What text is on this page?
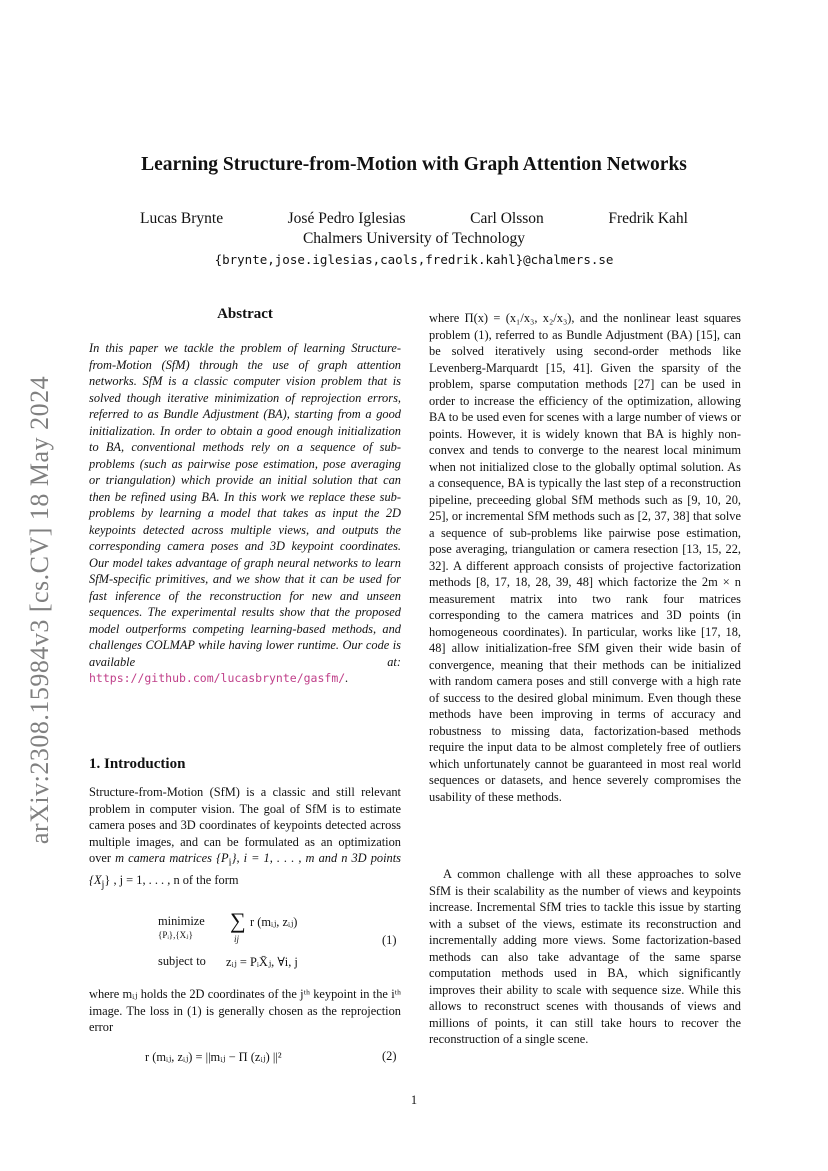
arXiv:2308.15984v3 [cs.CV] 18 May 2024
Learning Structure-from-Motion with Graph Attention Networks
Lucas Brynte	José Pedro Iglesias	Carl Olsson	Fredrik Kahl
Chalmers University of Technology
{brynte,jose.iglesias,caols,fredrik.kahl}@chalmers.se
Abstract

In this paper we tackle the problem of learning Structure-from-Motion (SfM) through the use of graph attention networks. SfM is a classic computer vision problem that is solved though iterative minimization of reprojection errors, referred to as Bundle Adjustment (BA), starting from a good initialization. In order to obtain a good enough initialization to BA, conventional methods rely on a sequence of sub-problems (such as pairwise pose estimation, pose averaging or triangulation) which provide an initial solution that can then be refined using BA. In this work we replace these sub-problems by learning a model that takes as input the 2D keypoints detected across multiple views, and outputs the corresponding camera poses and 3D keypoint coordinates. Our model takes advantage of graph neural networks to learn SfM-specific primitives, and we show that it can be used for fast inference of the reconstruction for new and unseen sequences. The experimental results show that the proposed model outperforms competing learning-based methods, and challenges COLMAP while having lower runtime. Our code is available at: https://github.com/lucasbrynte/gasfm/.

1. Introduction

Structure-from-Motion (SfM) is a classic and still relevant problem in computer vision. The goal of SfM is to estimate camera poses and 3D coordinates of keypoints detected across multiple images, and can be formulated as an optimization over m camera matrices $\{P_i\}$, i = 1, . . . , m and n 3D points $\{X_j\}$ , j = 1, . . . , n of the form

minimize
{Pᵢ},{Xⱼ}
∑
ij
r (mᵢⱼ, zᵢⱼ)
subject to zᵢⱼ = PᵢX̄ⱼ, ∀i, j
(1)

where mᵢⱼ holds the 2D coordinates of the jᵗʰ keypoint in the iᵗʰ image. The loss in (1) is generally chosen as the reprojection error

r (mᵢⱼ, zᵢⱼ) = ||mᵢⱼ − Π (zᵢⱼ) ||²	(2)

where Π(x) = (x₁/x₃, x₂/x₃), and the nonlinear least squares problem (1), referred to as Bundle Adjustment (BA) [15], can be solved iteratively using second-order methods like Levenberg-Marquardt [15, 41]. Given the sparsity of the problem, sparse computation methods [27] can be used in order to increase the efficiency of the optimization, allowing BA to be used even for scenes with a large number of views or points. However, it is widely known that BA is highly non-convex and tends to converge to the nearest local minimum when not initialized close to the globally optimal solution. As a consequence, BA is typically the last step of a reconstruction pipeline, preceeding global SfM methods such as [9, 10, 20, 25], or incremental SfM methods such as [2, 37, 38] that solve a sequence of sub-problems like pairwise pose estimation, pose averaging, triangulation or camera resection [13, 15, 22, 32]. A different approach consists of projective factorization methods [8, 17, 18, 28, 39, 48] which factorize the 2m × n measurement matrix into two rank four matrices corresponding to the camera matrices and 3D points (in homogeneous coordinates). In particular, works like [17, 18, 48] allow initialization-free SfM given their wide basin of convergence, meaning that their methods can be initialized with random camera poses and still converge with a high rate of success to the desired global minimum. Even though these methods have been improving in terms of accuracy and robustness to missing data, factorization-based methods require the input data to be almost completely free of outliers which unfortunately cannot be guaranteed in most real world sequences or datasets, and hence severely compromises the usability of these methods.

A common challenge with all these approaches to solve SfM is their scalability as the number of views and keypoints increase. Incremental SfM tries to tackle this issue by starting with a subset of the views, estimate its reconstruction and incrementally adding more views. Some factorization-based methods can also take advantage of the same sparse computation methods used in BA, which significantly improves their ability to scale with sequence size. While this allows to reconstruct scenes with thousands of views and millions of points, it can still take hours to recover the reconstruction of a single scene.

1
